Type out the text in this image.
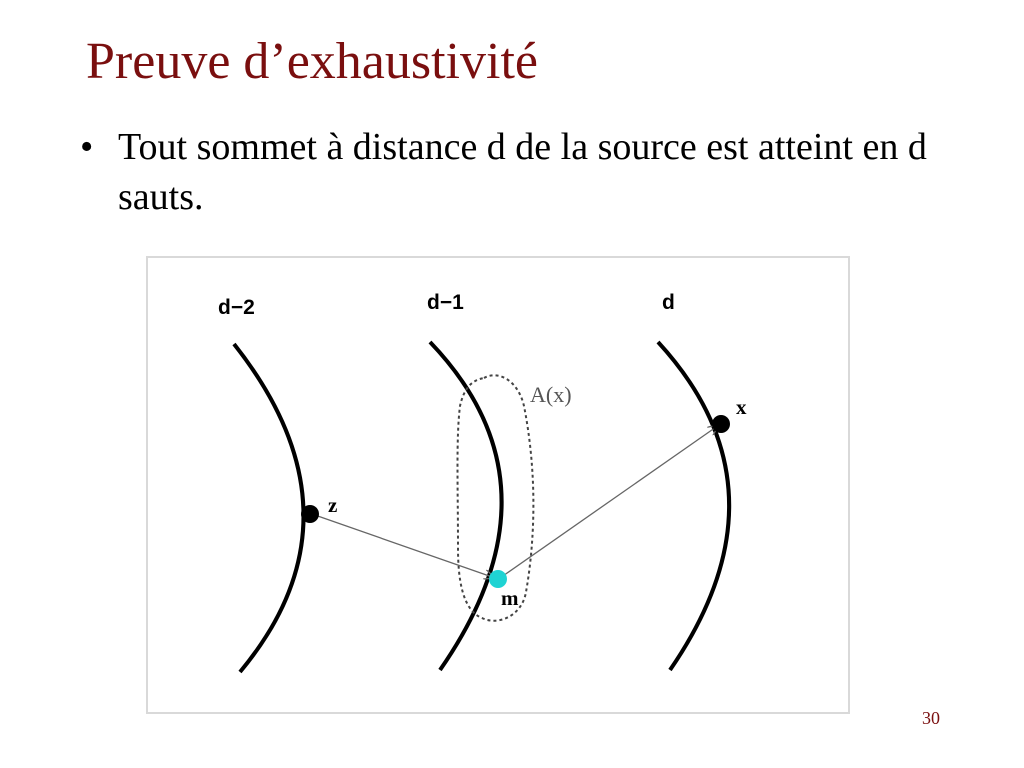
Preuve d’exhaustivité
• Tout sommet à distance d de la source est atteint en d sauts.
d−2	d−1	d
A(x)
z
m
x
30
